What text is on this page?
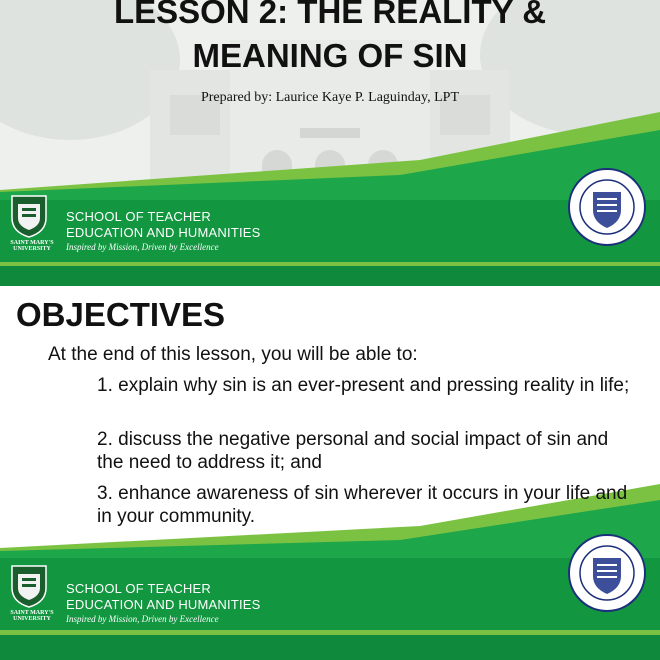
LESSON 2: THE REALITY &
MEANING OF SIN
Prepared by: Laurice Kaye P. Laguinday, LPT
SAINT MARY'S UNIVERSITY
SCHOOL OF TEACHER
EDUCATION AND HUMANITIES
Inspired by Mission, Driven by Excellence
OBJECTIVES
At the end of this lesson, you will be able to:
1. explain why sin is an ever-present and pressing reality in life;
2. discuss the negative personal and social impact of sin and the need to address it; and
3. enhance awareness of sin wherever it occurs in your life and in your community.
SAINT MARY'S UNIVERSITY
SCHOOL OF TEACHER
EDUCATION AND HUMANITIES
Inspired by Mission, Driven by Excellence
